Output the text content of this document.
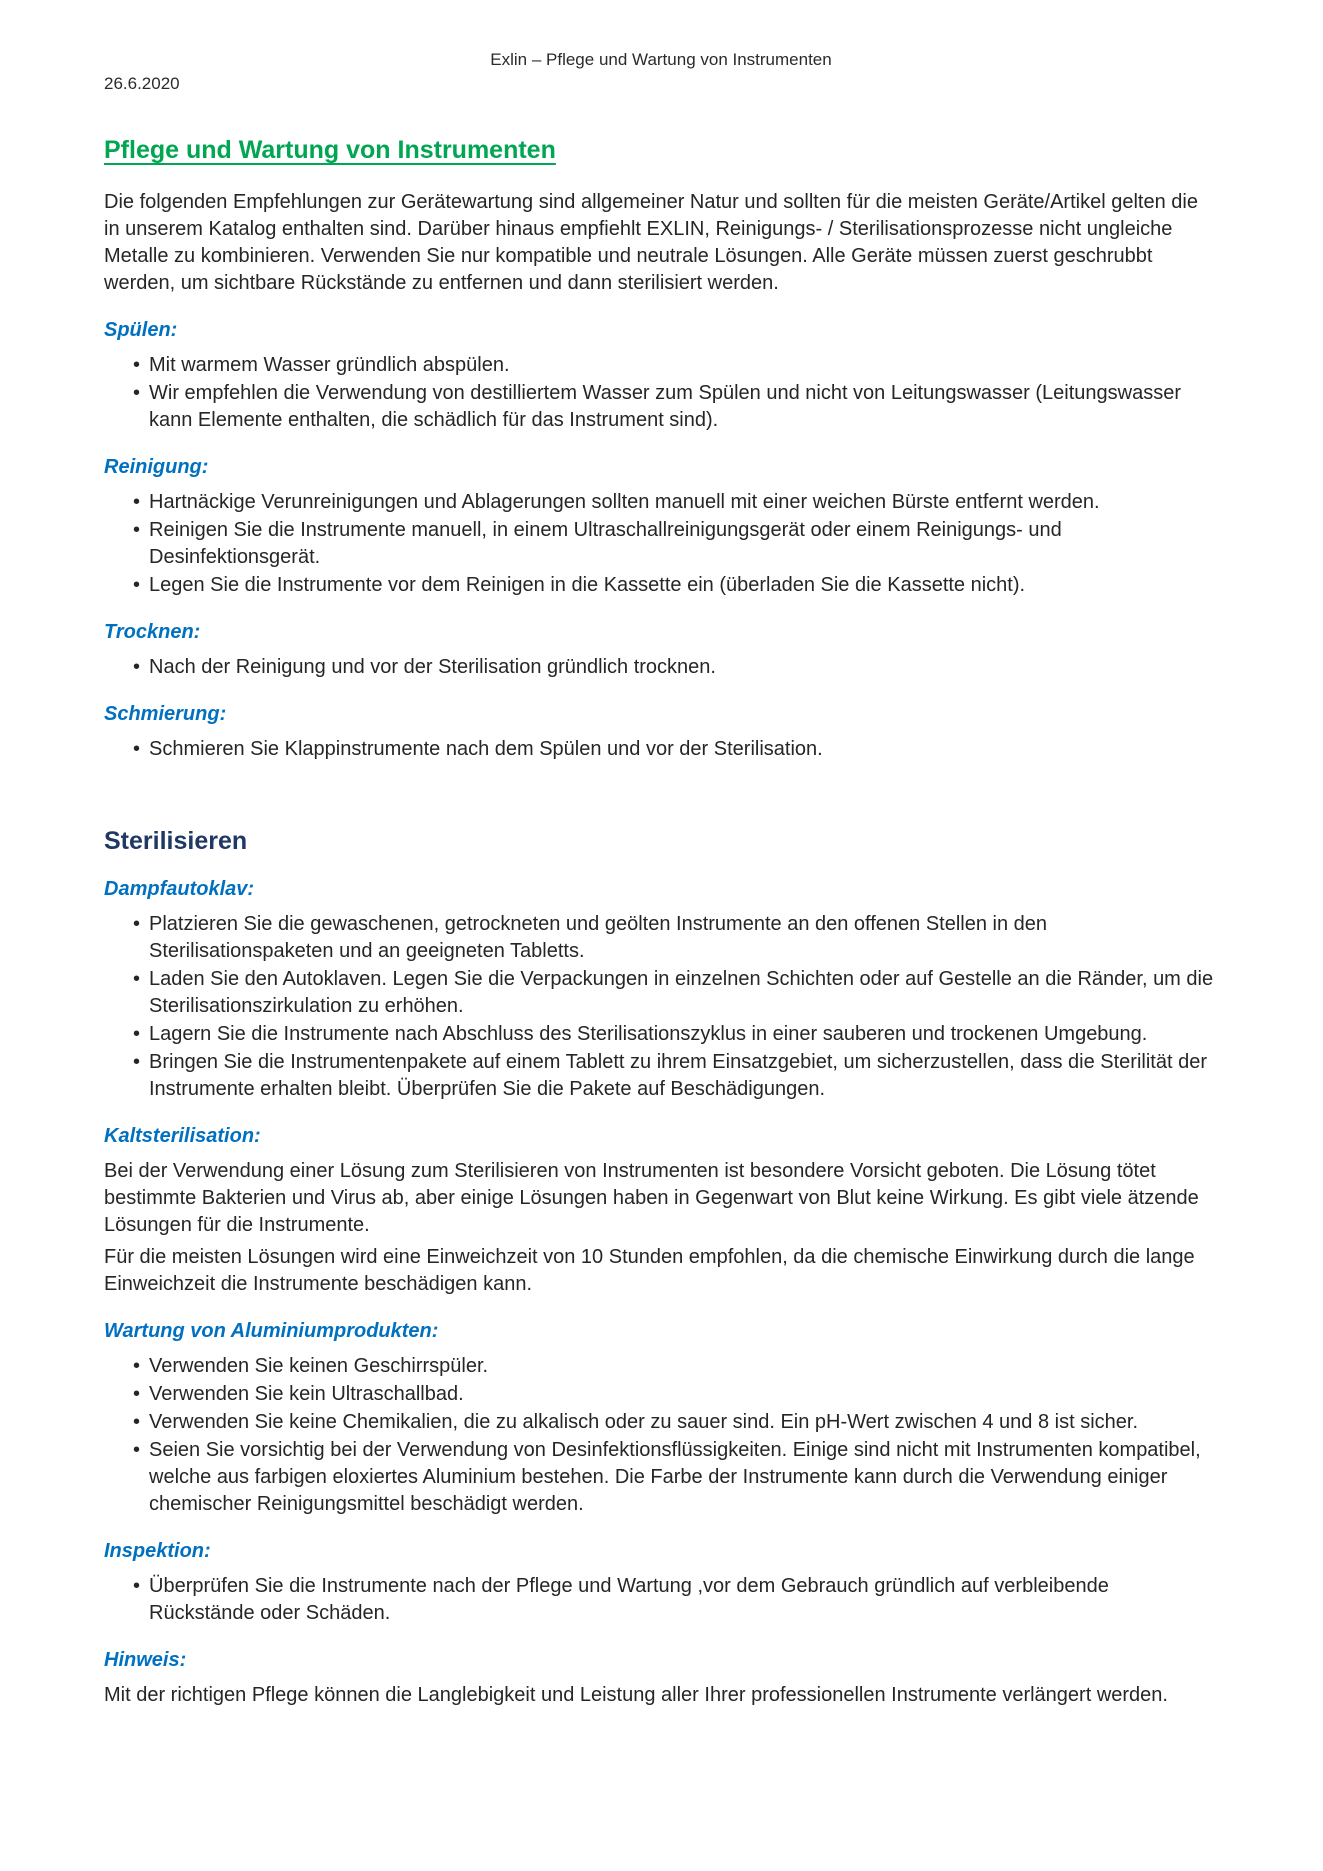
Exlin – Pflege und Wartung von Instrumenten
26.6.2020
Pflege und Wartung von Instrumenten

Die folgenden Empfehlungen zur Gerätewartung sind allgemeiner Natur und sollten für die meisten Geräte/Artikel gelten die in unserem Katalog enthalten sind. Darüber hinaus empfiehlt EXLIN, Reinigungs- / Sterilisationsprozesse nicht ungleiche Metalle zu kombinieren. Verwenden Sie nur kompatible und neutrale Lösungen. Alle Geräte müssen zuerst geschrubbt werden, um sichtbare Rückstände zu entfernen und dann sterilisiert werden.

Spülen:
• Mit warmem Wasser gründlich abspülen.
• Wir empfehlen die Verwendung von destilliertem Wasser zum Spülen und nicht von Leitungswasser (Leitungswasser kann Elemente enthalten, die schädlich für das Instrument sind).
Reinigung:
• Hartnäckige Verunreinigungen und Ablagerungen sollten manuell mit einer weichen Bürste entfernt werden.
• Reinigen Sie die Instrumente manuell, in einem Ultraschallreinigungsgerät oder einem Reinigungs- und Desinfektionsgerät.
• Legen Sie die Instrumente vor dem Reinigen in die Kassette ein (überladen Sie die Kassette nicht).
Trocknen:
• Nach der Reinigung und vor der Sterilisation gründlich trocknen.
Schmierung:
• Schmieren Sie Klappinstrumente nach dem Spülen und vor der Sterilisation.
Sterilisieren
Dampfautoklav:
• Platzieren Sie die gewaschenen, getrockneten und geölten Instrumente an den offenen Stellen in den Sterilisationspaketen und an geeigneten Tabletts.
• Laden Sie den Autoklaven. Legen Sie die Verpackungen in einzelnen Schichten oder auf Gestelle an die Ränder, um die Sterilisationszirkulation zu erhöhen.
• Lagern Sie die Instrumente nach Abschluss des Sterilisationszyklus in einer sauberen und trockenen Umgebung.
• Bringen Sie die Instrumentenpakete auf einem Tablett zu ihrem Einsatzgebiet, um sicherzustellen, dass die Sterilität der Instrumente erhalten bleibt. Überprüfen Sie die Pakete auf Beschädigungen.
Kaltsterilisation:

Bei der Verwendung einer Lösung zum Sterilisieren von Instrumenten ist besondere Vorsicht geboten. Die Lösung tötet bestimmte Bakterien und Virus ab, aber einige Lösungen haben in Gegenwart von Blut keine Wirkung. Es gibt viele ätzende Lösungen für die Instrumente.

Für die meisten Lösungen wird eine Einweichzeit von 10 Stunden empfohlen, da die chemische Einwirkung durch die lange Einweichzeit die Instrumente beschädigen kann.

Wartung von Aluminiumprodukten:
• Verwenden Sie keinen Geschirrspüler.
• Verwenden Sie kein Ultraschallbad.
• Verwenden Sie keine Chemikalien, die zu alkalisch oder zu sauer sind. Ein pH-Wert zwischen 4 und 8 ist sicher.
• Seien Sie vorsichtig bei der Verwendung von Desinfektionsflüssigkeiten. Einige sind nicht mit Instrumenten kompatibel, welche aus farbigen eloxiertes Aluminium bestehen. Die Farbe der Instrumente kann durch die Verwendung einiger chemischer Reinigungsmittel beschädigt werden.
Inspektion:
• Überprüfen Sie die Instrumente nach der Pflege und Wartung ,vor dem Gebrauch gründlich auf verbleibende Rückstände oder Schäden.
Hinweis:

Mit der richtigen Pflege können die Langlebigkeit und Leistung aller Ihrer professionellen Instrumente verlängert werden.
